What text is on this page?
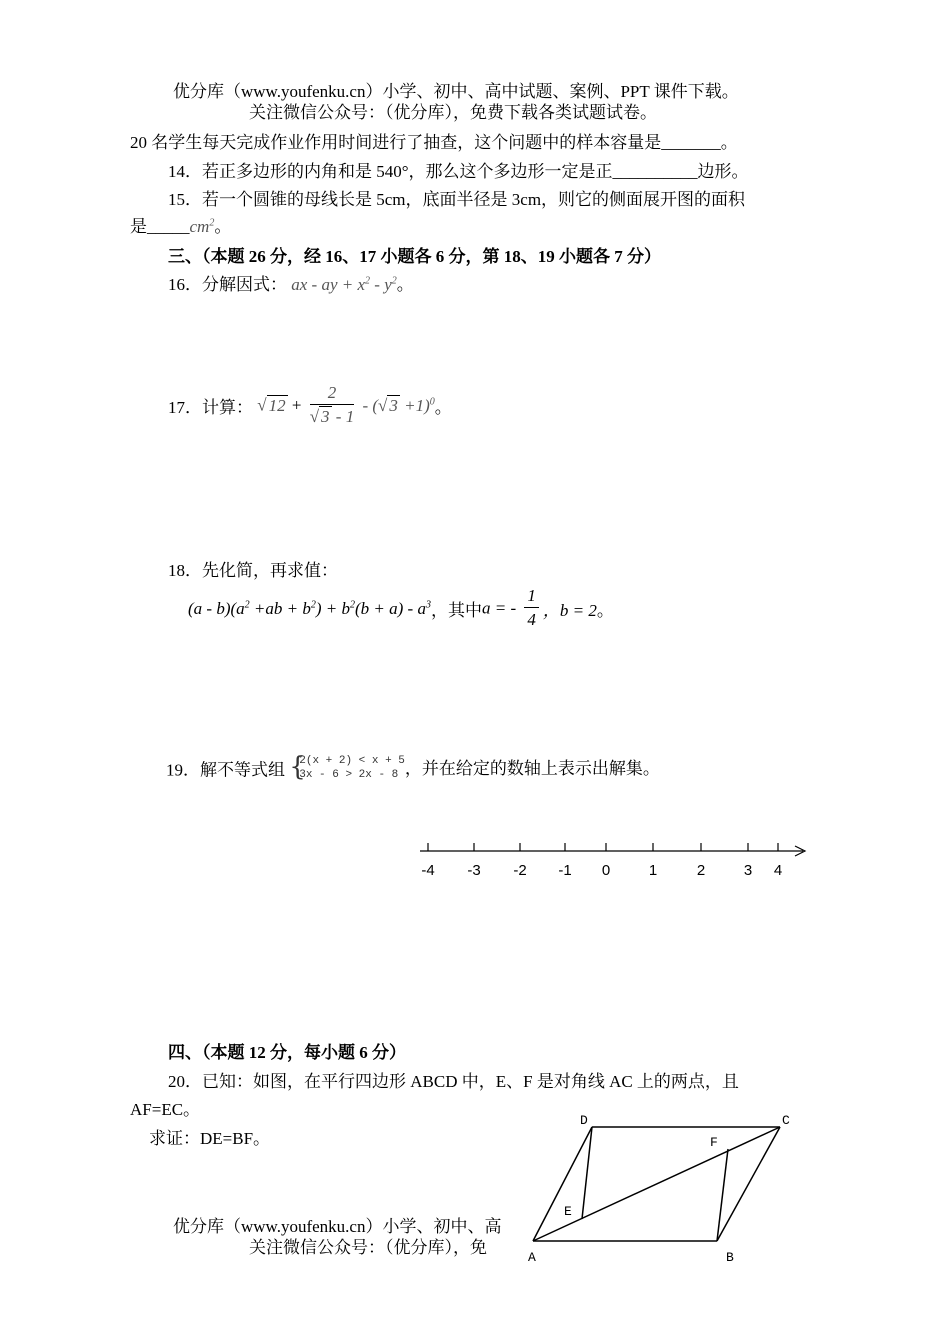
优分库（www.youfenku.cn）小学、初中、高中试题、案例、PPT 课件下载。
关注微信公众号：（优分库），免费下载各类试题试卷。
20 名学生每天完成作业作用时间进行了抽查，这个问题中的样本容量是_______。
14．若正多边形的内角和是 540°，那么这个多边形一定是正__________边形。
15．若一个圆锥的母线长是 5cm，底面半径是 3cm，则它的侧面展开图的面积
是$\_\_\_\_\_cm^2$。
三、（本题 26 分，经 16、17 小题各 6 分，第 18、19 小题各 7 分）
16．分解因式： ax - ay + $x^2 - y^2$。
17．计算： √ $12 + \frac{2}{√ 3 - 1}$ - (√ 3 +1)$^0$。
18．先化简，再求值：
$(a - b)(a^2 +ab + b^2) + b^2(b + a) - a^3$，其中a = - $\frac{1}{4}$ ，b = 2。
19．解不等式组 {
2(x + 2) < x + 5
3x - 6 > 2x - 8 ，并在给定的数轴上表示出解集。
-4 -3 -2 -1 0	1	2	3 4
四、（本题 12 分，每小题 6 分）
20．已知：如图，在平行四边形 ABCD 中，E、F 是对角线 AC 上的两点，且
AF=EC。
求证：DE=BF。
A	B
C
D
E
F
优分库（www.youfenku.cn）小学、初中、高
关注微信公众号：（优分库），免
